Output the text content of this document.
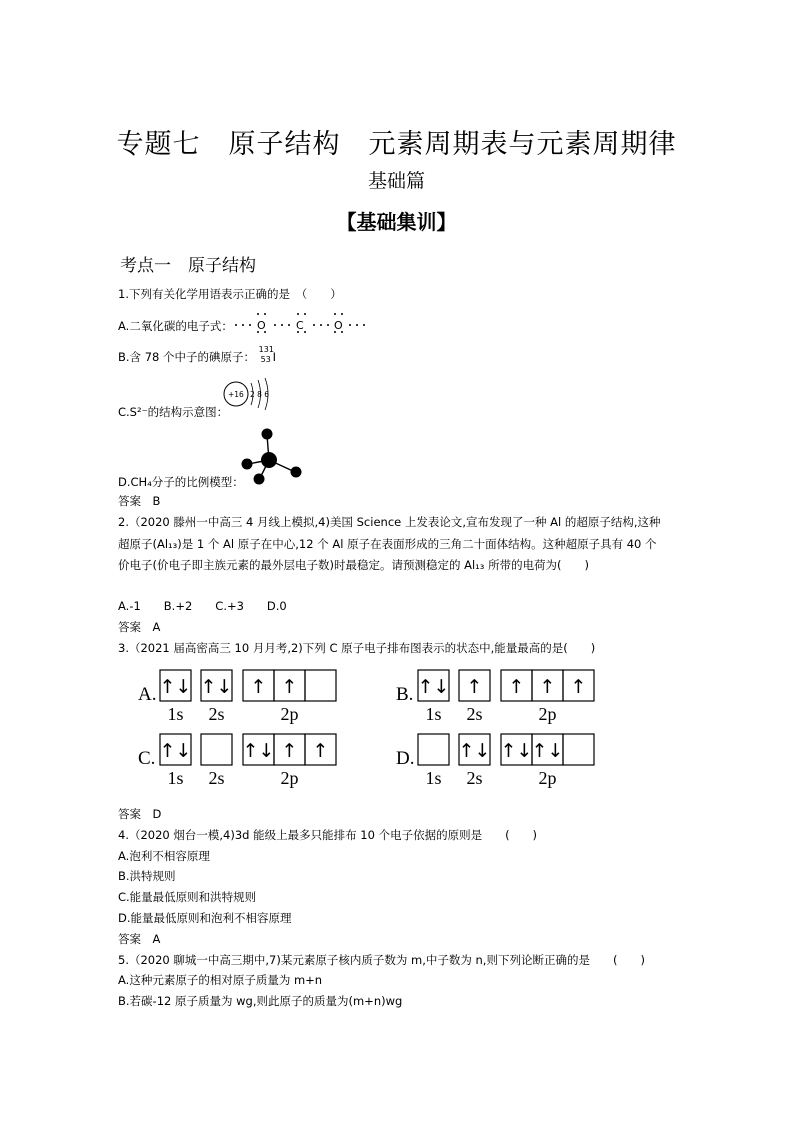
专题七　原子结构　元素周期表与元素周期律
基础篇
【基础集训】
考点一　原子结构
1.下列有关化学用语表示正确的是　（　　）
A.二氧化碳的电子式： O	C	O
B.含 78 个中子的碘原子：
131
53 I
+16 2 8 6
C.S²⁻的结构示意图：
D.CH₄分子的比例模型：
答案　B
2.（2020 滕州一中高三 4 月线上模拟,4)美国 Science 上发表论文,宣布发现了一种 Al 的超原子结构,这种
超原子(Al₁₃)是 1 个 Al 原子在中心,12 个 Al 原子在表面形成的三角二十面体结构。这种超原子具有 40 个
价电子(价电子即主族元素的最外层电子数)时最稳定。请预测稳定的 Al₁₃ 所带的电荷为(　　)
A.-1　　B.+2　　C.+3　　D.0
答案　A
3.（2021 届高密高三 10 月月考,2)下列 C 原子电子排布图表示的状态中,能量最高的是(　　)
A. ↑↓ ↑↓ ↑ ↑
1s 2s	2p
B. ↑↓ ↑ ↑ ↑ ↑
1s 2s	2p
C. ↑↓	↑↓ ↑ ↑
1s 2s	2p
D. ↑↓ ↑↓ ↑↓
1s 2s	2p
答案　D
4.（2020 烟台一模,4)3d 能级上最多只能排布 10 个电子依据的原则是　　(　　)
A.泡利不相容原理
B.洪特规则
C.能量最低原则和洪特规则
D.能量最低原则和泡利不相容原理
答案　A
5.（2020 聊城一中高三期中,7)某元素原子核内质子数为 m,中子数为 n,则下列论断正确的是　　(　　)
A.这种元素原子的相对原子质量为 m+n
B.若碳-12 原子质量为 wg,则此原子的质量为(m+n)wg
